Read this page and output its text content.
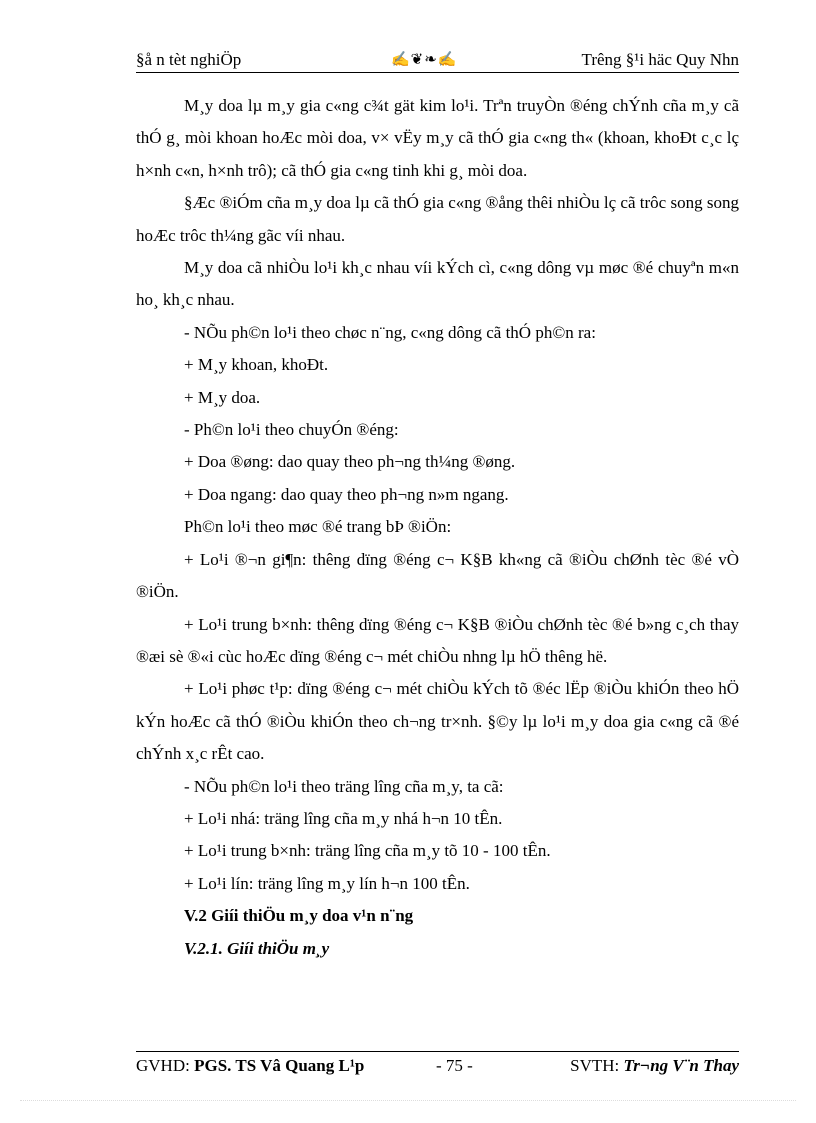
§å n tèt nghiÖp	✍❦❧✍	Trêng §¹i häc Quy Nhn

M¸y doa lµ m¸y gia c«ng c¾t gät kim lo¹i. Trªn truyÒn ®éng chÝnh cña m¸y cã thÓ g¸ mòi khoan hoÆc mòi doa, v× vËy m¸y cã thÓ gia c«ng th« (khoan, khoÐt c¸c lç h×nh c«n, h×nh trô); cã thÓ gia c«ng tinh khi g¸ mòi doa.

§Æc ®iÓm cña m¸y doa lµ cã thÓ gia c«ng ®ång thêi nhiÒu lç cã trôc song song hoÆc trôc th¼ng gãc víi nhau.

M¸y doa cã nhiÒu lo¹i kh¸c nhau víi kÝch cì, c«ng dông vµ møc ®é chuyªn m«n ho¸ kh¸c nhau.

- NÕu ph©n lo¹i theo chøc n¨ng, c«ng dông cã thÓ ph©n ra:

+ M¸y khoan, khoÐt.

+ M¸y doa.

- Ph©n lo¹i theo chuyÓn ®éng:

+ Doa ®øng: dao quay theo ph¬ng th¼ng ®øng.

+ Doa ngang: dao quay theo ph¬ng n»m ngang.

Ph©n lo¹i theo møc ®é trang bÞ ®iÖn:

+ Lo¹i ®¬n gi¶n: thêng dïng ®éng c¬ K§B kh«ng cã ®iÒu chØnh tèc ®é vÒ ®iÖn.

+ Lo¹i trung b×nh: thêng dïng ®éng c¬ K§B ®iÒu chØnh tèc ®é b»ng c¸ch thay ®æi sè ®«i cùc hoÆc dïng ®éng c¬ mét chiÒu nhng lµ hÖ thêng hë.

+ Lo¹i phøc t¹p: dïng ®éng c¬ mét chiÒu kÝch tõ ®éc lËp ®iÒu khiÓn theo hÖ kÝn hoÆc cã thÓ ®iÒu khiÓn theo ch¬ng tr×nh. §©y lµ lo¹i m¸y doa gia c«ng cã ®é chÝnh x¸c rÊt cao.

- NÕu ph©n lo¹i theo träng lîng cña m¸y, ta cã:

+ Lo¹i nhá: träng lîng cña m¸y nhá h¬n 10 tÊn.

+ Lo¹i trung b×nh: träng lîng cña m¸y tõ 10 - 100 tÊn.

+ Lo¹i lín: träng lîng m¸y lín h¬n 100 tÊn.

V.2 Giíi thiÖu m¸y doa v¹n n¨ng

V.2.1. Giíi thiÖu m¸y

GVHD: PGS. TS Vâ Quang L¹p	- 75 -	SVTH: Tr¬ng V¨n Thay
